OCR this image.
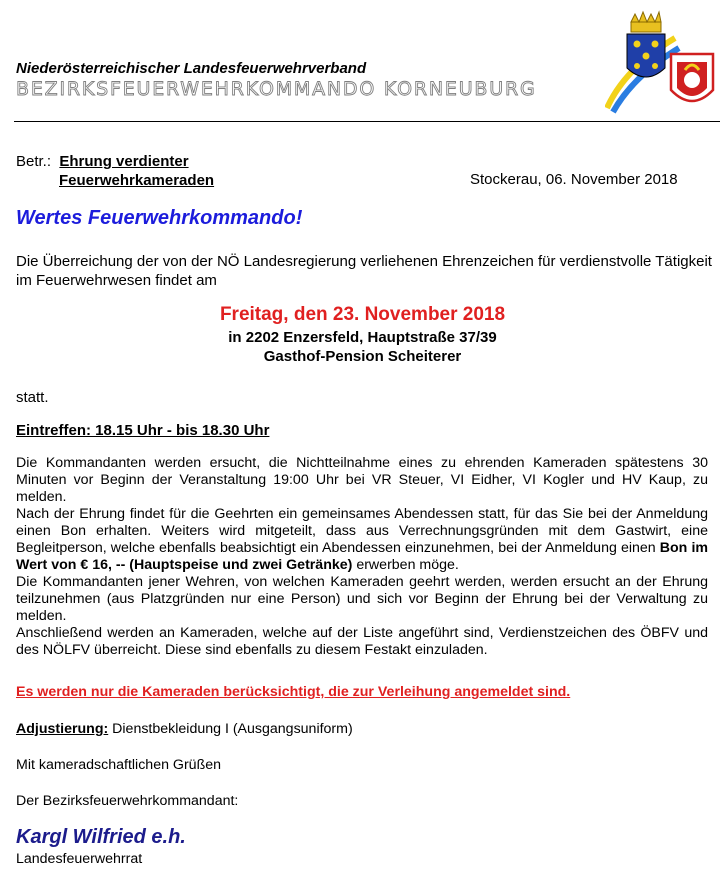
Niederösterreichischer Landesfeuerwehrverband
BEZIRKSFEUERWEHRKOMMANDO KORNEUBURG
Betr.: Ehrung verdienter
Feuerwehrkameraden	Stockerau, 06. November 2018
Wertes Feuerwehrkommando!
Die Überreichung der von der NÖ Landesregierung verliehenen Ehrenzeichen für verdienstvolle Tätigkeit im Feuerwehrwesen findet am
Freitag, den 23. November 2018
in 2202 Enzersfeld, Hauptstraße 37/39
Gasthof-Pension Scheiterer
statt.
Eintreffen: 18.15 Uhr - bis 18.30 Uhr

Die Kommandanten werden ersucht, die Nichtteilnahme eines zu ehrenden Kameraden spätestens 30 Minuten vor Beginn der Veranstaltung 19:00 Uhr bei VR Steuer, VI Eidher, VI Kogler und HV Kaup, zu melden.

Nach der Ehrung findet für die Geehrten ein gemeinsames Abendessen statt, für das Sie bei der Anmeldung einen Bon erhalten. Weiters wird mitgeteilt, dass aus Verrechnungsgründen mit dem Gastwirt, eine Begleitperson, welche ebenfalls beabsichtigt ein Abendessen einzunehmen, bei der Anmeldung einen Bon im Wert von € 16, -- (Hauptspeise und zwei Getränke) erwerben möge.

Die Kommandanten jener Wehren, von welchen Kameraden geehrt werden, werden ersucht an der Ehrung teilzunehmen (aus Platzgründen nur eine Person) und sich vor Beginn der Ehrung bei der Verwaltung zu melden.

Anschließend werden an Kameraden, welche auf der Liste angeführt sind, Verdienstzeichen des ÖBFV und des NÖLFV überreicht. Diese sind ebenfalls zu diesem Festakt einzuladen.

Es werden nur die Kameraden berücksichtigt, die zur Verleihung angemeldet sind.
Adjustierung: Dienstbekleidung I (Ausgangsuniform)
Mit kameradschaftlichen Grüßen
Der Bezirksfeuerwehrkommandant:
Kargl Wilfried e.h.
Landesfeuerwehrrat
